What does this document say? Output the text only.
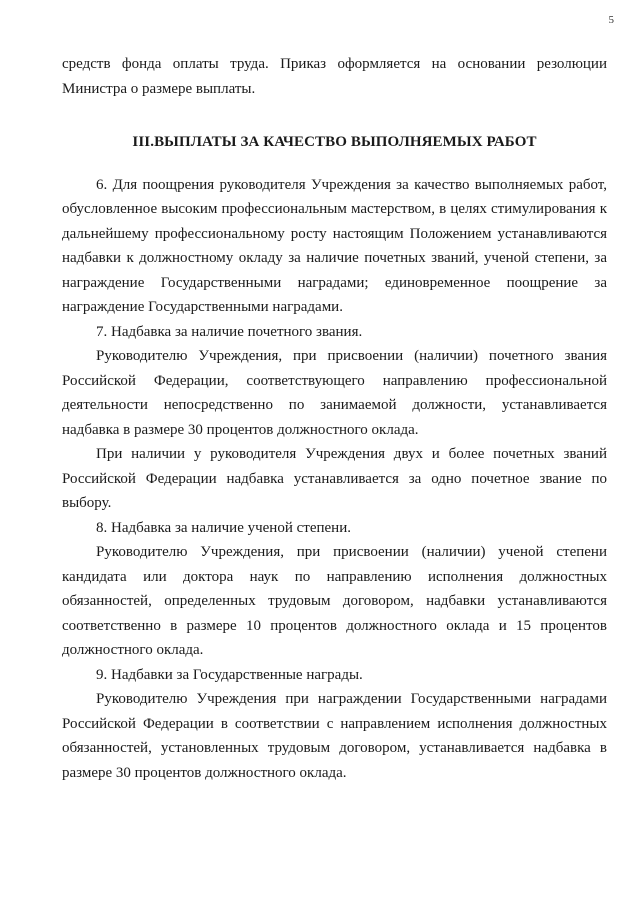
5

средств фонда оплаты труда. Приказ оформляется на основании резолюции Министра о размере выплаты.

III.ВЫПЛАТЫ ЗА КАЧЕСТВО ВЫПОЛНЯЕМЫХ РАБОТ

6. Для поощрения руководителя Учреждения за качество выполняемых работ, обусловленное высоким профессиональным мастерством, в целях стимулирования к дальнейшему профессиональному росту настоящим Положением устанавливаются надбавки к должностному окладу за наличие почетных званий, ученой степени, за награждение Государственными наградами; единовременное поощрение за награждение Государственными наградами.

7. Надбавка за наличие почетного звания.

Руководителю Учреждения, при присвоении (наличии) почетного звания Российской Федерации, соответствующего направлению профессиональной деятельности непосредственно по занимаемой должности, устанавливается надбавка в размере 30 процентов должностного оклада.

При наличии у руководителя Учреждения двух и более почетных званий Российской Федерации надбавка устанавливается за одно почетное звание по выбору.

8. Надбавка за наличие ученой степени.

Руководителю Учреждения, при присвоении (наличии) ученой степени кандидата или доктора наук по направлению исполнения должностных обязанностей, определенных трудовым договором, надбавки устанавливаются соответственно в размере 10 процентов должностного оклада и 15 процентов должностного оклада.

9. Надбавки за Государственные награды.

Руководителю Учреждения при награждении Государственными наградами Российской Федерации в соответствии с направлением исполнения должностных обязанностей, установленных трудовым договором, устанавливается надбавка в размере 30 процентов должностного оклада.
